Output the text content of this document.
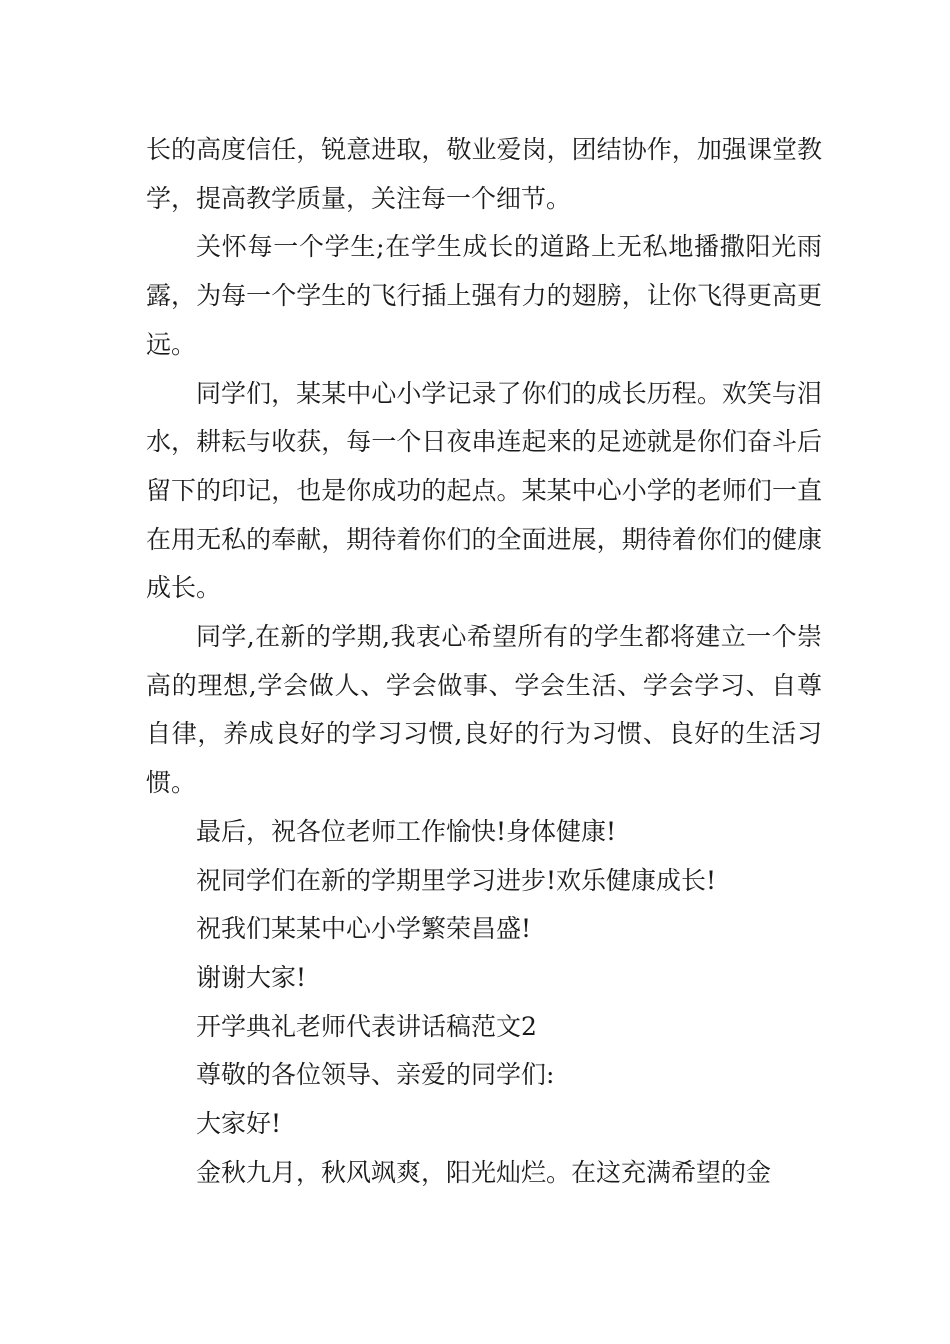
长的高度信任，锐意进取，敬业爱岗，团结协作，加强课堂教学，提高教学质量，关注每一个细节。

关怀每一个学生;在学生成长的道路上无私地播撒阳光雨露，为每一个学生的飞行插上强有力的翅膀，让你飞得更高更远。

同学们，某某中心小学记录了你们的成长历程。欢笑与泪水，耕耘与收获，每一个日夜串连起来的足迹就是你们奋斗后留下的印记，也是你成功的起点。某某中心小学的老师们一直在用无私的奉献，期待着你们的全面进展，期待着你们的健康成长。

同学,在新的学期,我衷心希望所有的学生都将建立一个崇高的理想,学会做人、学会做事、学会生活、学会学习、自尊自律，养成良好的学习习惯,良好的行为习惯、良好的生活习惯。

最后，祝各位老师工作愉快!身体健康!

祝同学们在新的学期里学习进步!欢乐健康成长!

祝我们某某中心小学繁荣昌盛!

谢谢大家!

开学典礼老师代表讲话稿范文2

尊敬的各位领导、亲爱的同学们:

大家好!

金秋九月，秋风飒爽，阳光灿烂。在这充满希望的金
